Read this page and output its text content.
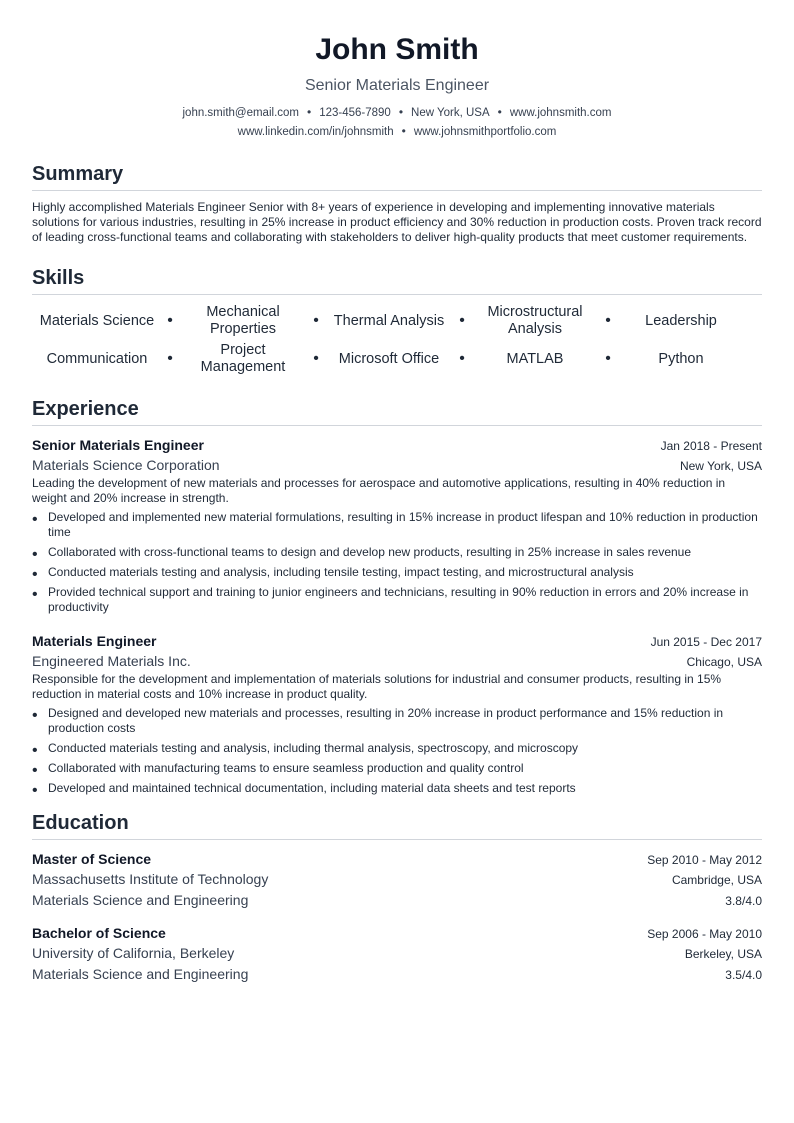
John Smith
Senior Materials Engineer
john.smith@email.com • 123-456-7890 • New York, USA • www.johnsmith.com
www.linkedin.com/in/johnsmith • www.johnsmithportfolio.com
Summary
Highly accomplished Materials Engineer Senior with 8+ years of experience in developing and implementing innovative materials solutions for various industries, resulting in 25% increase in product efficiency and 30% reduction in production costs. Proven track record of leading cross-functional teams and collaborating with stakeholders to deliver high-quality products that meet customer requirements.
Skills
Materials Science •	Mechanical Properties	•	Thermal Analysis •	Microstructural Analysis	•	Leadership
Communication	•	Project Management	•	Microsoft Office	•	MATLAB	•	Python
Experience
Senior Materials Engineer	Jan 2018 - Present
Materials Science Corporation	New York, USA
Leading the development of new materials and processes for aerospace and automotive applications, resulting in 40% reduction in weight and 20% increase in strength.
• Developed and implemented new material formulations, resulting in 15% increase in product lifespan and 10% reduction in production time
• Collaborated with cross-functional teams to design and develop new products, resulting in 25% increase in sales revenue
• Conducted materials testing and analysis, including tensile testing, impact testing, and microstructural analysis
• Provided technical support and training to junior engineers and technicians, resulting in 90% reduction in errors and 20% increase in productivity
Materials Engineer	Jun 2015 - Dec 2017
Engineered Materials Inc.	Chicago, USA
Responsible for the development and implementation of materials solutions for industrial and consumer products, resulting in 15% reduction in material costs and 10% increase in product quality.
• Designed and developed new materials and processes, resulting in 20% increase in product performance and 15% reduction in production costs
• Conducted materials testing and analysis, including thermal analysis, spectroscopy, and microscopy
• Collaborated with manufacturing teams to ensure seamless production and quality control
• Developed and maintained technical documentation, including material data sheets and test reports
Education
Master of Science	Sep 2010 - May 2012
Massachusetts Institute of Technology	Cambridge, USA
Materials Science and Engineering	3.8/4.0
Bachelor of Science	Sep 2006 - May 2010
University of California, Berkeley	Berkeley, USA
Materials Science and Engineering	3.5/4.0
